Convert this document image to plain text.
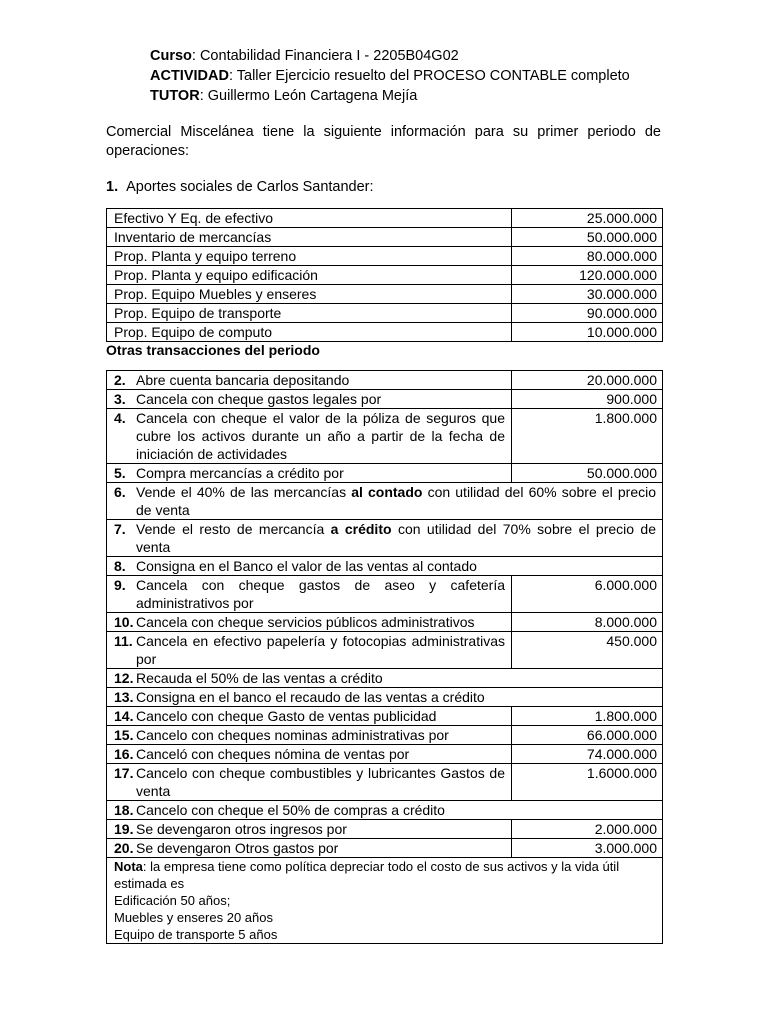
Curso: Contabilidad Financiera I - 2205B04G02
ACTIVIDAD: Taller Ejercicio resuelto del PROCESO CONTABLE completo
TUTOR: Guillermo León Cartagena Mejía
Comercial Miscelánea tiene la siguiente información para su primer periodo de operaciones:
1. Aportes sociales de Carlos Santander:
Efectivo Y Eq. de efectivo	25.000.000
Inventario de mercancías	50.000.000
Prop. Planta y equipo terreno	80.000.000
Prop. Planta y equipo edificación	120.000.000
Prop. Equipo Muebles y enseres	30.000.000
Prop. Equipo de transporte	90.000.000
Prop. Equipo de computo	10.000.000
Otras transacciones del periodo
2.Abre cuenta bancaria depositando	20.000.000
3. Cancela con cheque gastos legales por	900.000
4. Cancela con cheque el valor de la póliza de seguros que cubre los activos durante un año a partir de la fecha de iniciación de actividades	1.800.000
5. Compra mercancías a crédito por	50.000.000
6. Vende el 40% de las mercancías al contado con utilidad del 60% sobre el precio de venta	
7. Vende el resto de mercancía a crédito con utilidad del 70% sobre el precio de venta	
8. Consigna en el Banco el valor de las ventas al contado	
9. Cancela con cheque gastos de aseo y cafetería administrativos por	6.000.000
10. Cancela con cheque servicios públicos administrativos	8.000.000
11. Cancela en efectivo papelería y fotocopias administrativas por	450.000
12. Recauda el 50% de las ventas a crédito	
13. Consigna en el banco el recaudo de las ventas a crédito	
14.Cancelo con cheque Gasto de ventas publicidad	1.800.000
15. Cancelo con cheques nominas administrativas por	66.000.000
16.Canceló con cheques nómina de ventas por	74.000.000
17. Cancelo con cheque combustibles y lubricantes Gastos de venta	1.6000.000
18. Cancelo con cheque el 50% de compras a crédito	
19. Se devengaron otros ingresos por	2.000.000
20.Se devengaron Otros gastos por	3.000.000
Nota: la empresa tiene como política depreciar todo el costo de sus activos y la vida útil estimada es
Edificación 50 años;
Muebles y enseres 20 años
Equipo de transporte 5 años	
